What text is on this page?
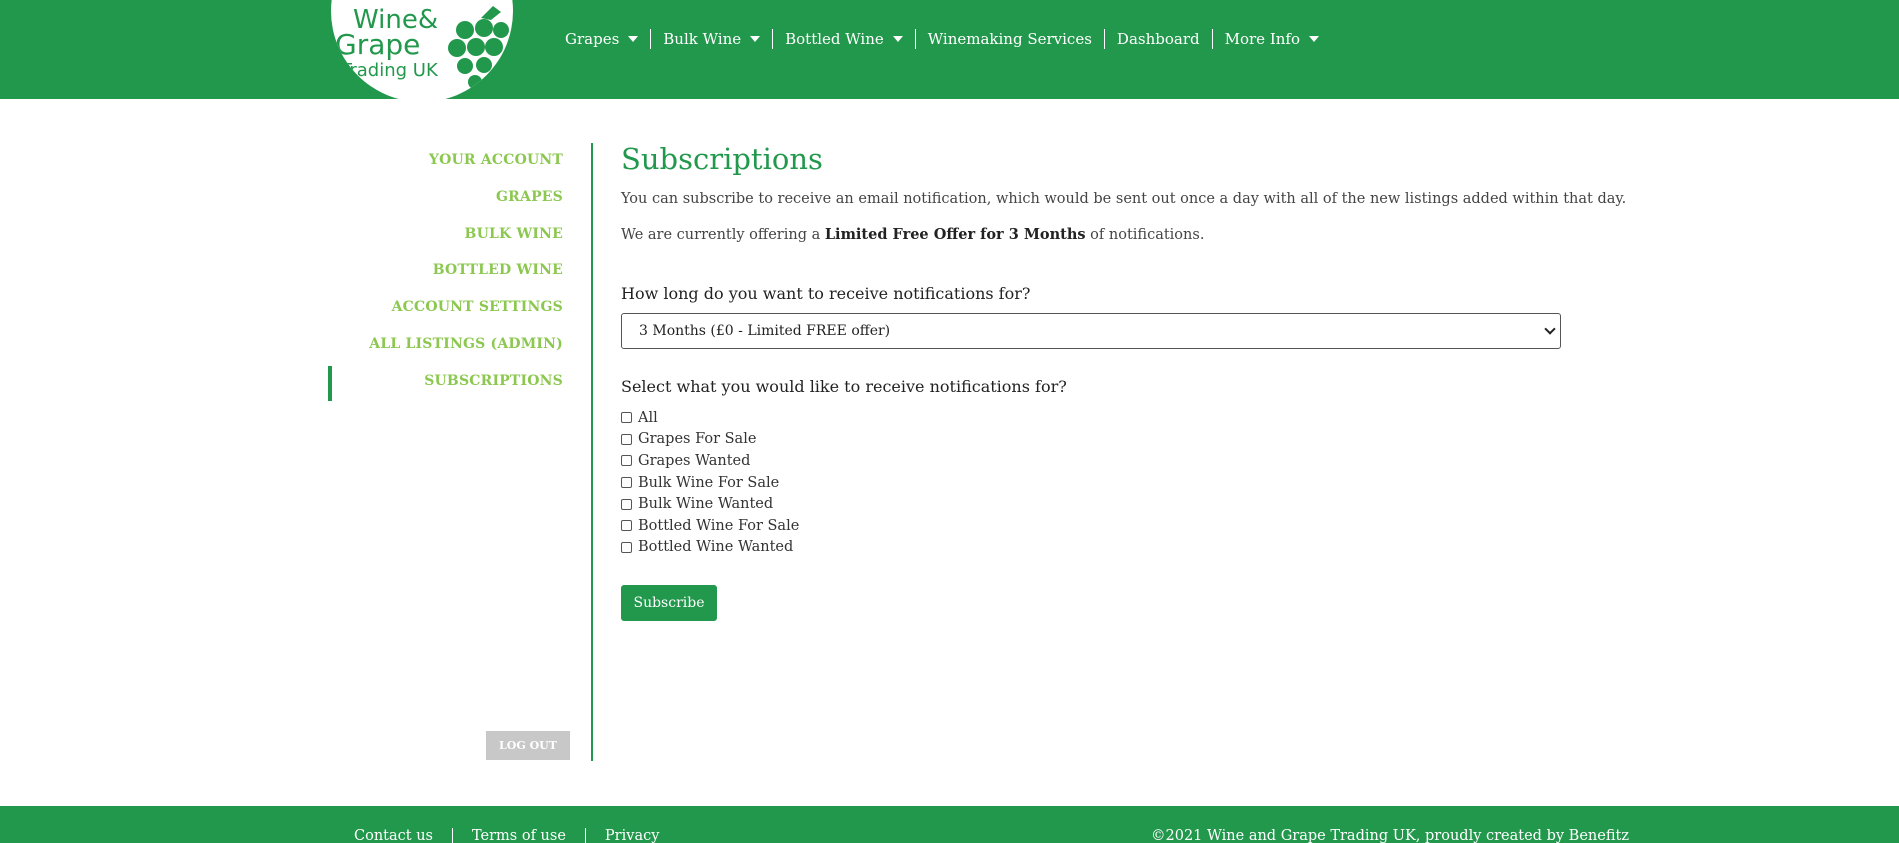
Wine&
Grape
Trading UK
Grapes	Bulk Wine	Bottled Wine	Winemaking Services Dashboard More Info
YOUR ACCOUNT
GRAPES
BULK WINE
BOTTLED WINE
ACCOUNT SETTINGS
ALL LISTINGS (ADMIN)
SUBSCRIPTIONS
LOG OUT
Subscriptions

You can subscribe to receive an email notification, which would be sent out once a day with all of the new listings added within that day.

We are currently offering a Limited Free Offer for 3 Months of notifications.

How long do you want to receive notifications for?
3 Months (£0 - Limited FREE offer)
Select what you would like to receive notifications for?
All
Grapes For Sale
Grapes Wanted
Bulk Wine For Sale
Bulk Wine Wanted
Bottled Wine For Sale
Bottled Wine Wanted
Subscribe
Contact us	Terms of use	Privacy	©2021 Wine and Grape Trading UK, proudly created by Benefitz
